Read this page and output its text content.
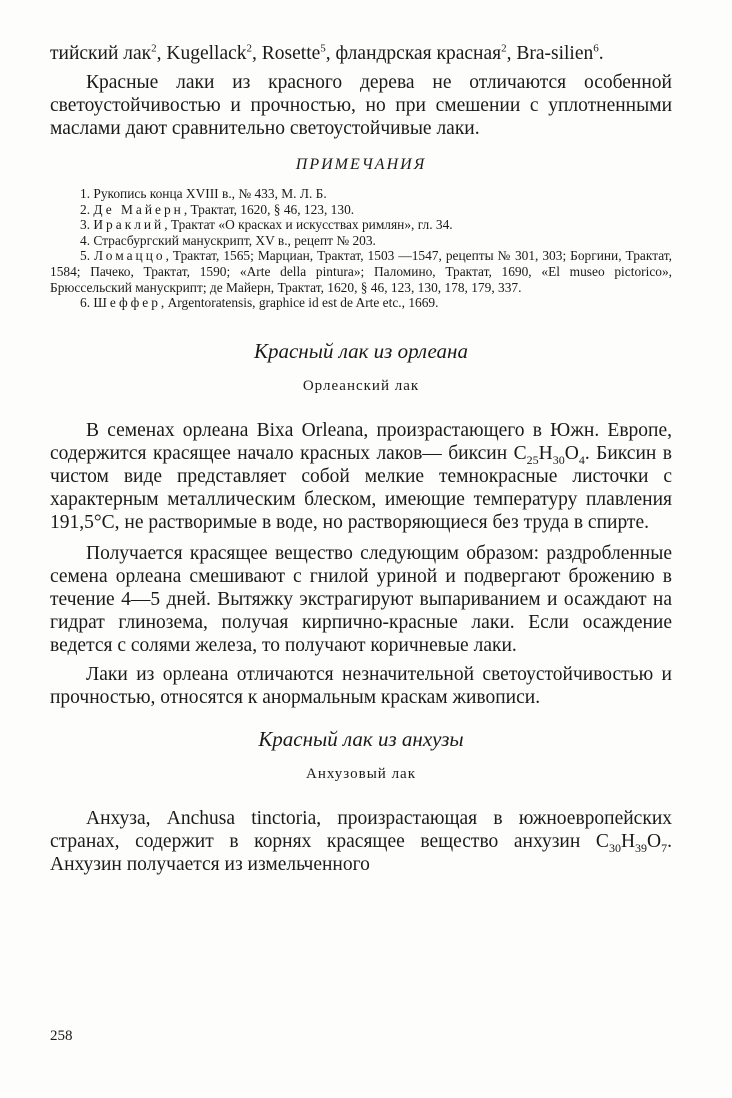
тийский лак$^2$, Kugellack$^2$, Rosette$^5$, фландрская красная$^2$, Bra-silien$^6$.

Красные лаки из красного дерева не отличаются особенной светоустойчивостью и прочностью, но при смешении с уплотненными маслами дают сравнительно светоустойчивые лаки.

ПРИМЕЧАНИЯ
1. Рукопись конца XVIII в., № 433, М. Л. Б.
2. Де Майерн, Трактат, 1620, § 46, 123, 130.
3. Ираклий, Трактат «О красках и искусствах римлян», гл. 34.
4. Страсбургский манускрипт, XV в., рецепт № 203.
5. Ломаццо, Трактат, 1565; Марциан, Трактат, 1503 —1547, рецепты № 301, 303; Боргини, Трактат, 1584; Пачеко, Трактат, 1590; «Arte della pintura»; Паломино, Трактат, 1690, «El museo pictorico», Брюссельский манускрипт; де Майерн, Трактат, 1620, § 46, 123, 130, 178, 179, 337.
6. Шеффер, Argentoratensis, graphice id est de Arte etc., 1669.
Красный лак из орлеана
Орлеанский лак

В семенах орлеана Bixa Orleana, произрастающего в Южн. Европе, содержится красящее начало красных лаков— биксин $C_{25}H_{30}O_4$. Биксин в чистом виде представляет собой мелкие темнокрасные листочки с характерным металлическим блеском, имеющие температуру плавления 191,5°C, не растворимые в воде, но растворяющиеся без труда в спирте.

Получается красящее вещество следующим образом: раздробленные семена орлеана смешивают с гнилой уриной и подвергают брожению в течение 4—5 дней. Вытяжку экстрагируют выпариванием и осаждают на гидрат глинозема, получая кирпично-красные лаки. Если осаждение ведется с солями железа, то получают коричневые лаки.

Лаки из орлеана отличаются незначительной светоустойчивостью и прочностью, относятся к анормальным краскам живописи.

Красный лак из анхузы
Анхузовый лак

Анхуза, Anchusa tinctoria, произрастающая в южноевропейских странах, содержит в корнях красящее вещество анхузин $C_{30}H_{39}O_7$. Анхузин получается из измельченного

258
